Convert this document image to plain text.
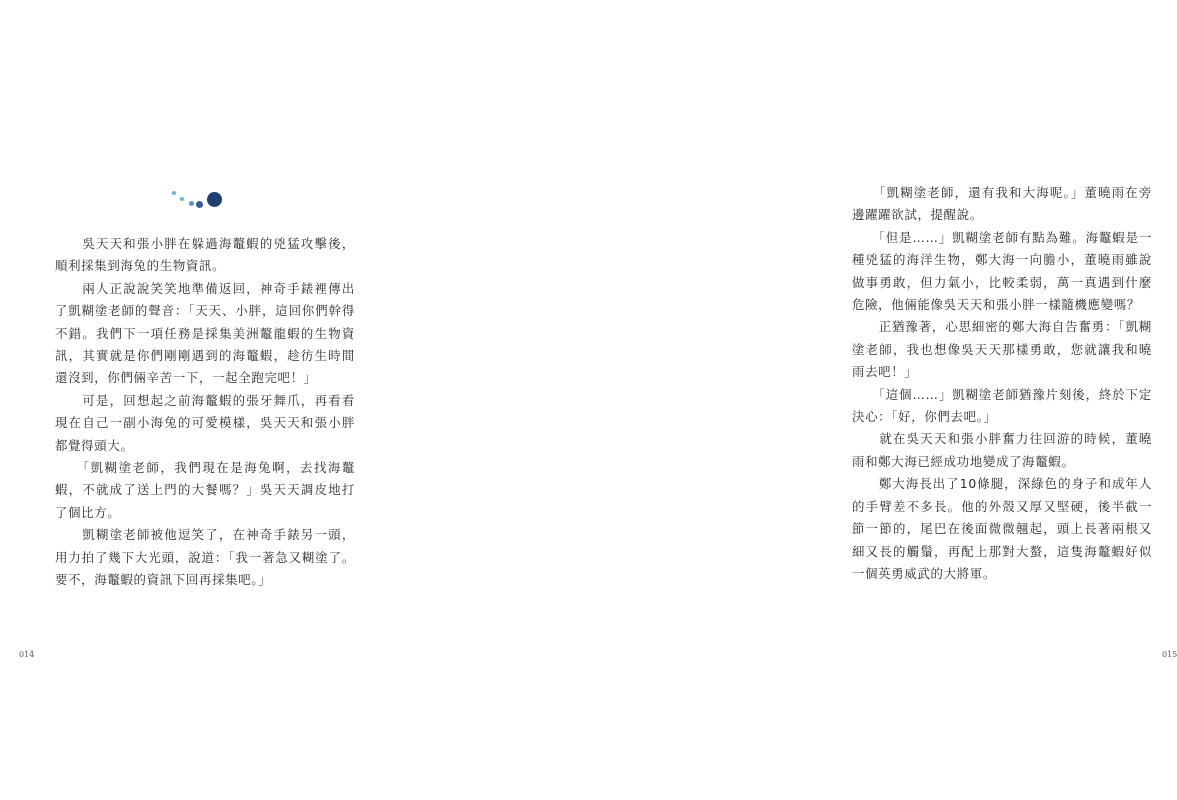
　　吳天天和張小胖在躲過海鼇蝦的兇猛攻擊後，順利採集到海兔的生物資訊。

　　兩人正說說笑笑地準備返回，神奇手錶裡傳出了凱糊塗老師的聲音：「天天、小胖，這回你們幹得不錯。我們下一項任務是採集美洲鼇龍蝦的生物資訊，其實就是你們剛剛遇到的海鼇蝦，趁彷生時間還沒到，你們倆辛苦一下，一起全跑完吧！」

　　可是，回想起之前海鼇蝦的張牙舞爪，再看看現在自己一副小海兔的可愛模樣，吳天天和張小胖都覺得頭大。

　　「凱糊塗老師，我們現在是海兔啊，去找海鼇蝦，不就成了送上門的大餐嗎？」吳天天調皮地打了個比方。

　　凱糊塗老師被他逗笑了，在神奇手錶另一頭，用力拍了幾下大光頭，說道：「我一著急又糊塗了。要不，海鼇蝦的資訊下回再採集吧。」

014

　　「凱糊塗老師，還有我和大海呢。」董曉雨在旁邊躍躍欲試，提醒說。

　　「但是……」凱糊塗老師有點為難。海鼇蝦是一種兇猛的海洋生物，鄭大海一向膽小，董曉雨雖說做事勇敢，但力氣小，比較柔弱，萬一真遇到什麼危險，他倆能像吳天天和張小胖一樣隨機應變嗎？

　　正猶豫著，心思細密的鄭大海自告奮勇：「凱糊塗老師，我也想像吳天天那樣勇敢，您就讓我和曉雨去吧！」

　　「這個……」凱糊塗老師猶豫片刻後，終於下定決心：「好，你們去吧。」

　　就在吳天天和張小胖奮力往回游的時候，董曉雨和鄭大海已經成功地變成了海鼇蝦。

　　鄭大海長出了10條腿，深綠色的身子和成年人的手臂差不多長。他的外殼又厚又堅硬，後半截一節一節的，尾巴在後面微微翹起，頭上長著兩根又細又長的觸鬚，再配上那對大螯，這隻海鼇蝦好似一個英勇威武的大將軍。

015
